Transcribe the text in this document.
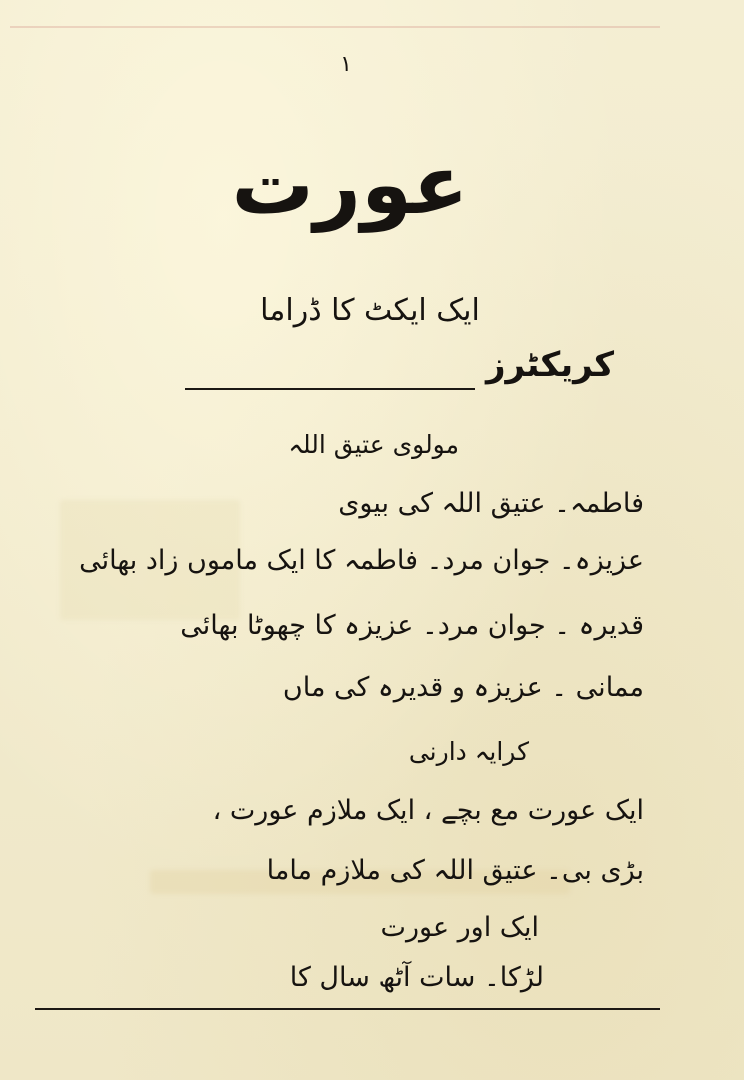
۱
عورت
ایک ایکٹ کا ڈراما
کریکٹرز
مولوی عتیق اللہ
فاطمہ۔ عتیق اللہ کی بیوی
عزیزہ۔ جوان مرد۔ فاطمہ کا ایک ماموں زاد بھائی
قدیرہ ۔ جوان مرد۔ عزیزہ کا چھوٹا بھائی
ممانی ۔ عزیزہ و قدیرہ کی ماں
کرایہ دارنی
ایک عورت مع بچے ، ایک ملازم عورت ،
بڑی بی۔ عتیق اللہ کی ملازم ماما
ایک اور عورت
لڑکا۔ سات آٹھ سال کا
